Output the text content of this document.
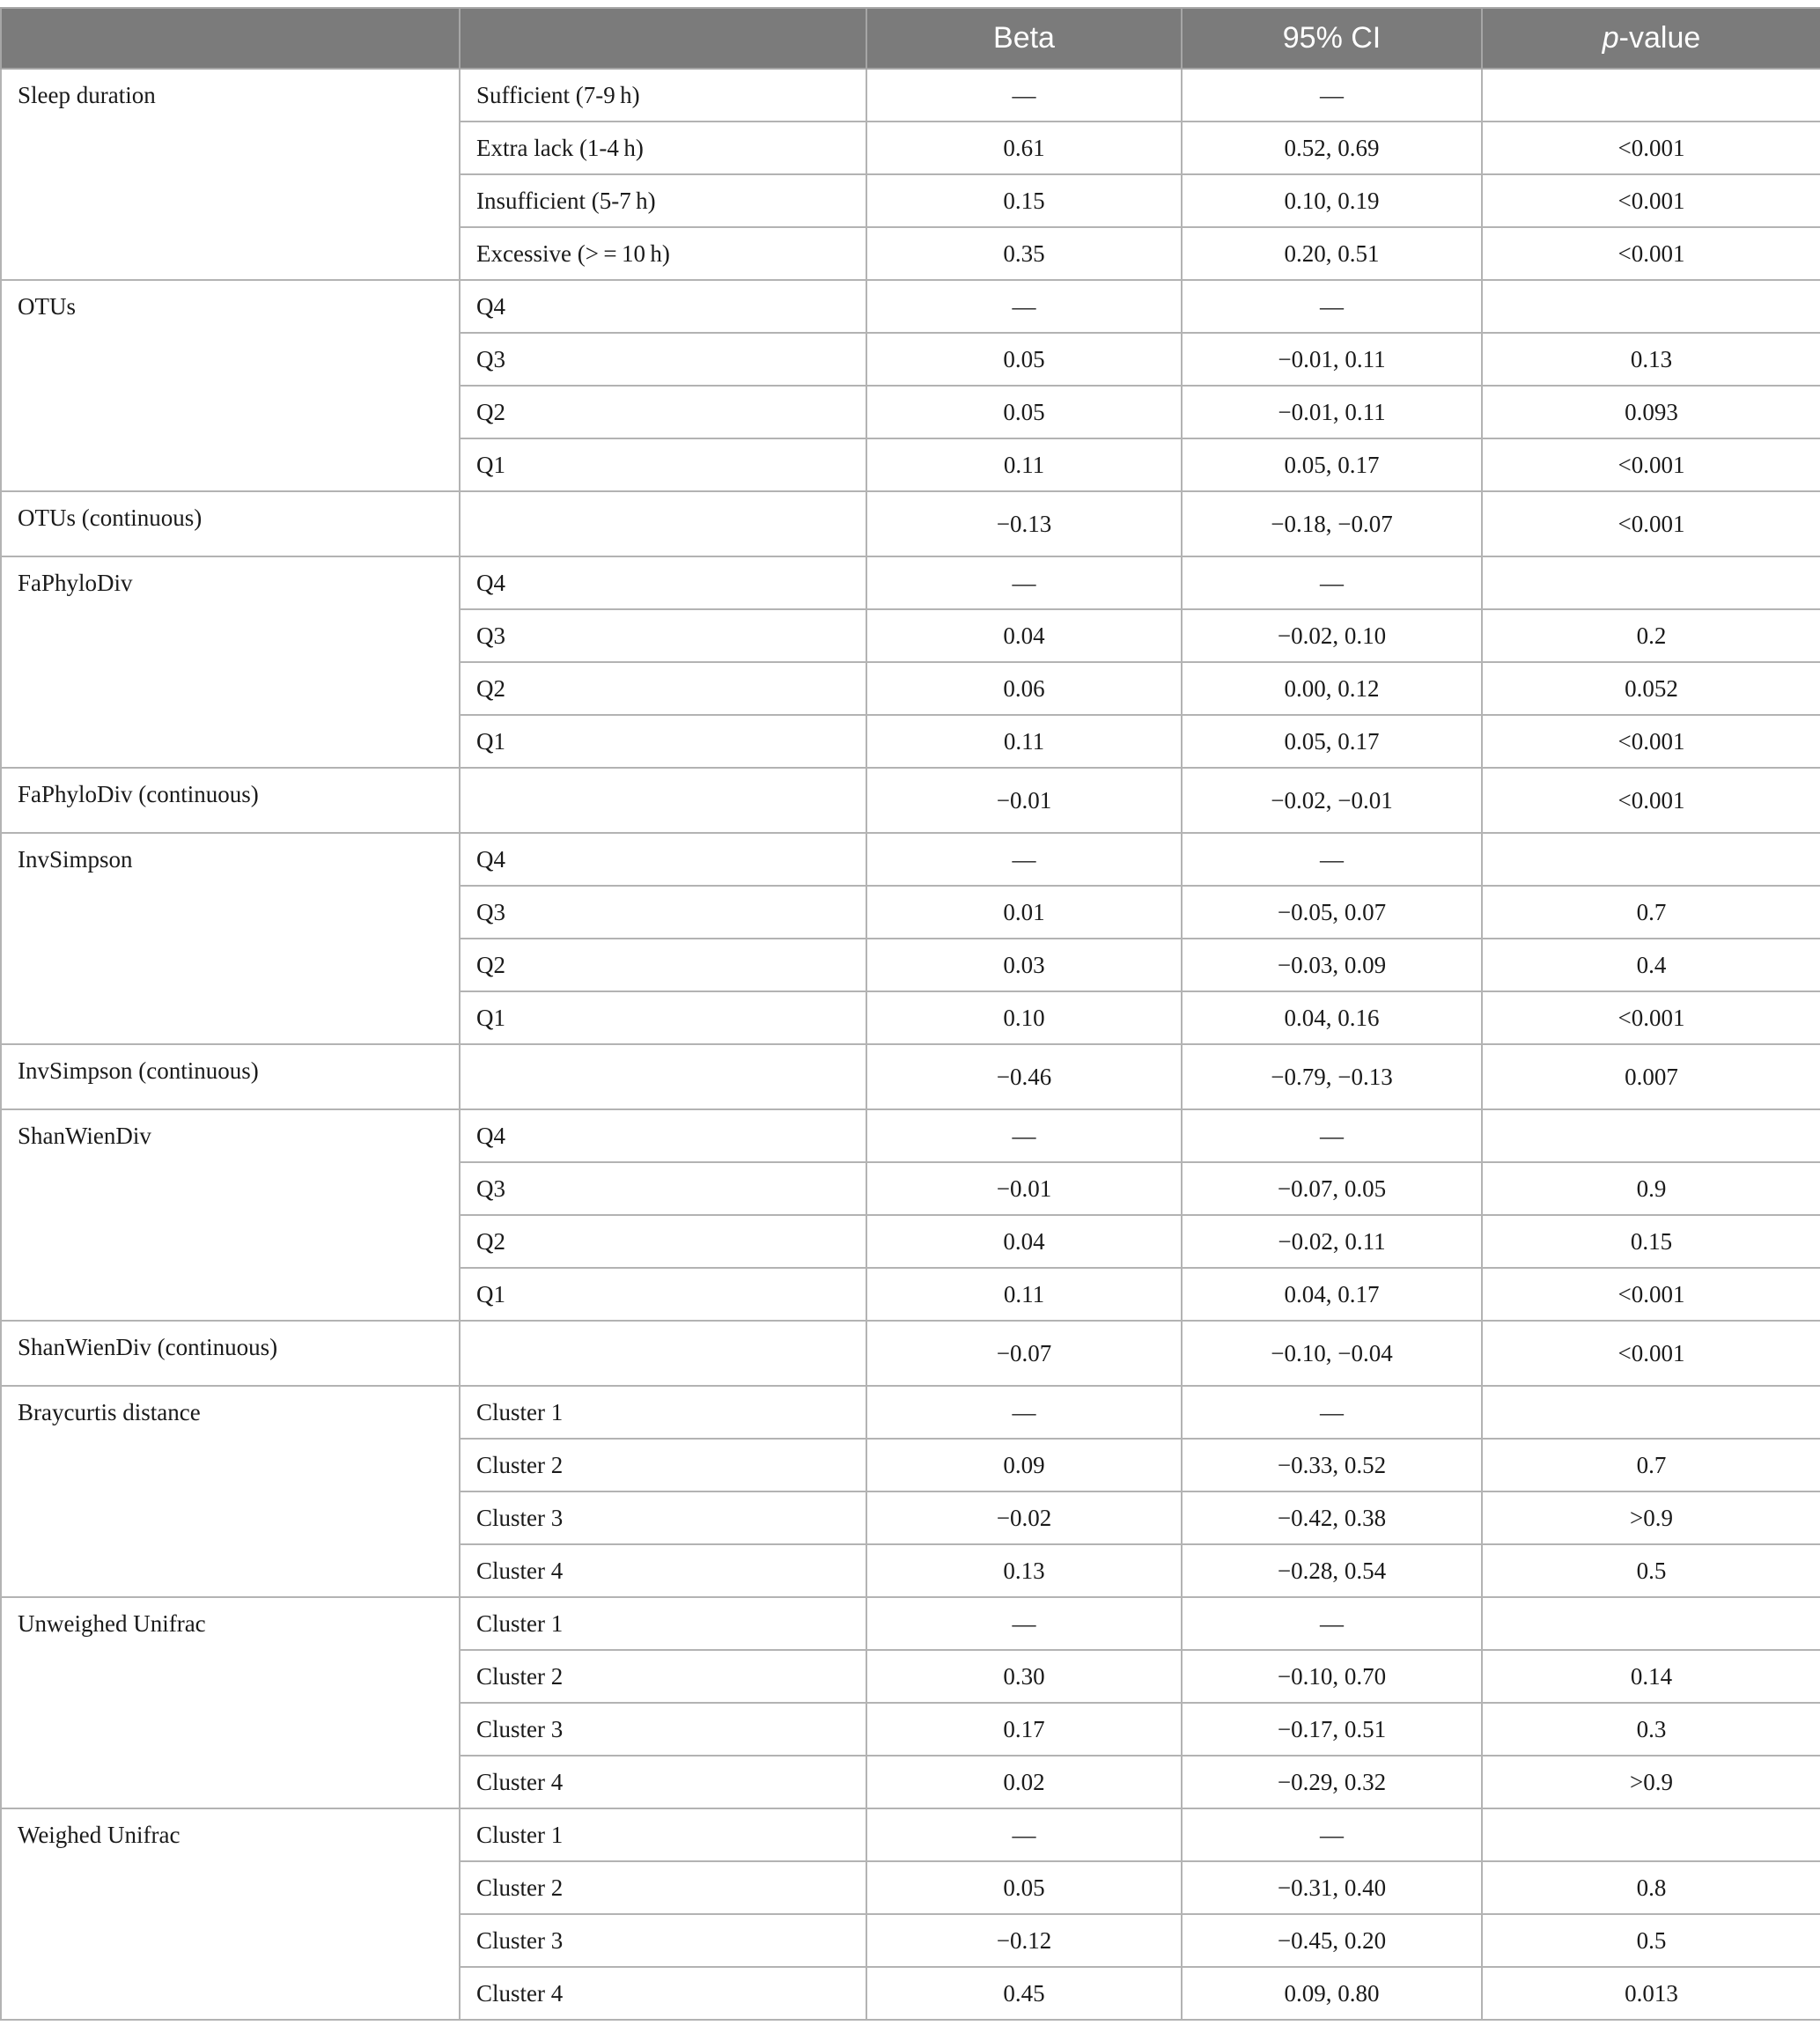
		Beta	95% CI	p-value
Sleep duration	Sufficient (7-9 h)	—	—	
	Extra lack (1-4 h)	0.61	0.52, 0.69	<0.001
	Insufficient (5-7 h)	0.15	0.10, 0.19	<0.001
	Excessive (> = 10 h)	0.35	0.20, 0.51	<0.001
OTUs	Q4	—	—	
	Q3	0.05	−0.01, 0.11	0.13
	Q2	0.05	−0.01, 0.11	0.093
	Q1	0.11	0.05, 0.17	<0.001
OTUs (continuous)		−0.13	−0.18, −0.07	<0.001
FaPhyloDiv	Q4	—	—	
	Q3	0.04	−0.02, 0.10	0.2
	Q2	0.06	0.00, 0.12	0.052
	Q1	0.11	0.05, 0.17	<0.001
FaPhyloDiv (continuous)		−0.01	−0.02, −0.01	<0.001
InvSimpson	Q4	—	—	
	Q3	0.01	−0.05, 0.07	0.7
	Q2	0.03	−0.03, 0.09	0.4
	Q1	0.10	0.04, 0.16	<0.001
InvSimpson (continuous)		−0.46	−0.79, −0.13	0.007
ShanWienDiv	Q4	—	—	
	Q3	−0.01	−0.07, 0.05	0.9
	Q2	0.04	−0.02, 0.11	0.15
	Q1	0.11	0.04, 0.17	<0.001
ShanWienDiv (continuous)		−0.07	−0.10, −0.04	<0.001
Braycurtis distance	Cluster 1	—	—	
	Cluster 2	0.09	−0.33, 0.52	0.7
	Cluster 3	−0.02	−0.42, 0.38	>0.9
	Cluster 4	0.13	−0.28, 0.54	0.5
Unweighed Unifrac	Cluster 1	—	—	
	Cluster 2	0.30	−0.10, 0.70	0.14
	Cluster 3	0.17	−0.17, 0.51	0.3
	Cluster 4	0.02	−0.29, 0.32	>0.9
Weighed Unifrac	Cluster 1	—	—	
	Cluster 2	0.05	−0.31, 0.40	0.8
	Cluster 3	−0.12	−0.45, 0.20	0.5
	Cluster 4	0.45	0.09, 0.80	0.013
